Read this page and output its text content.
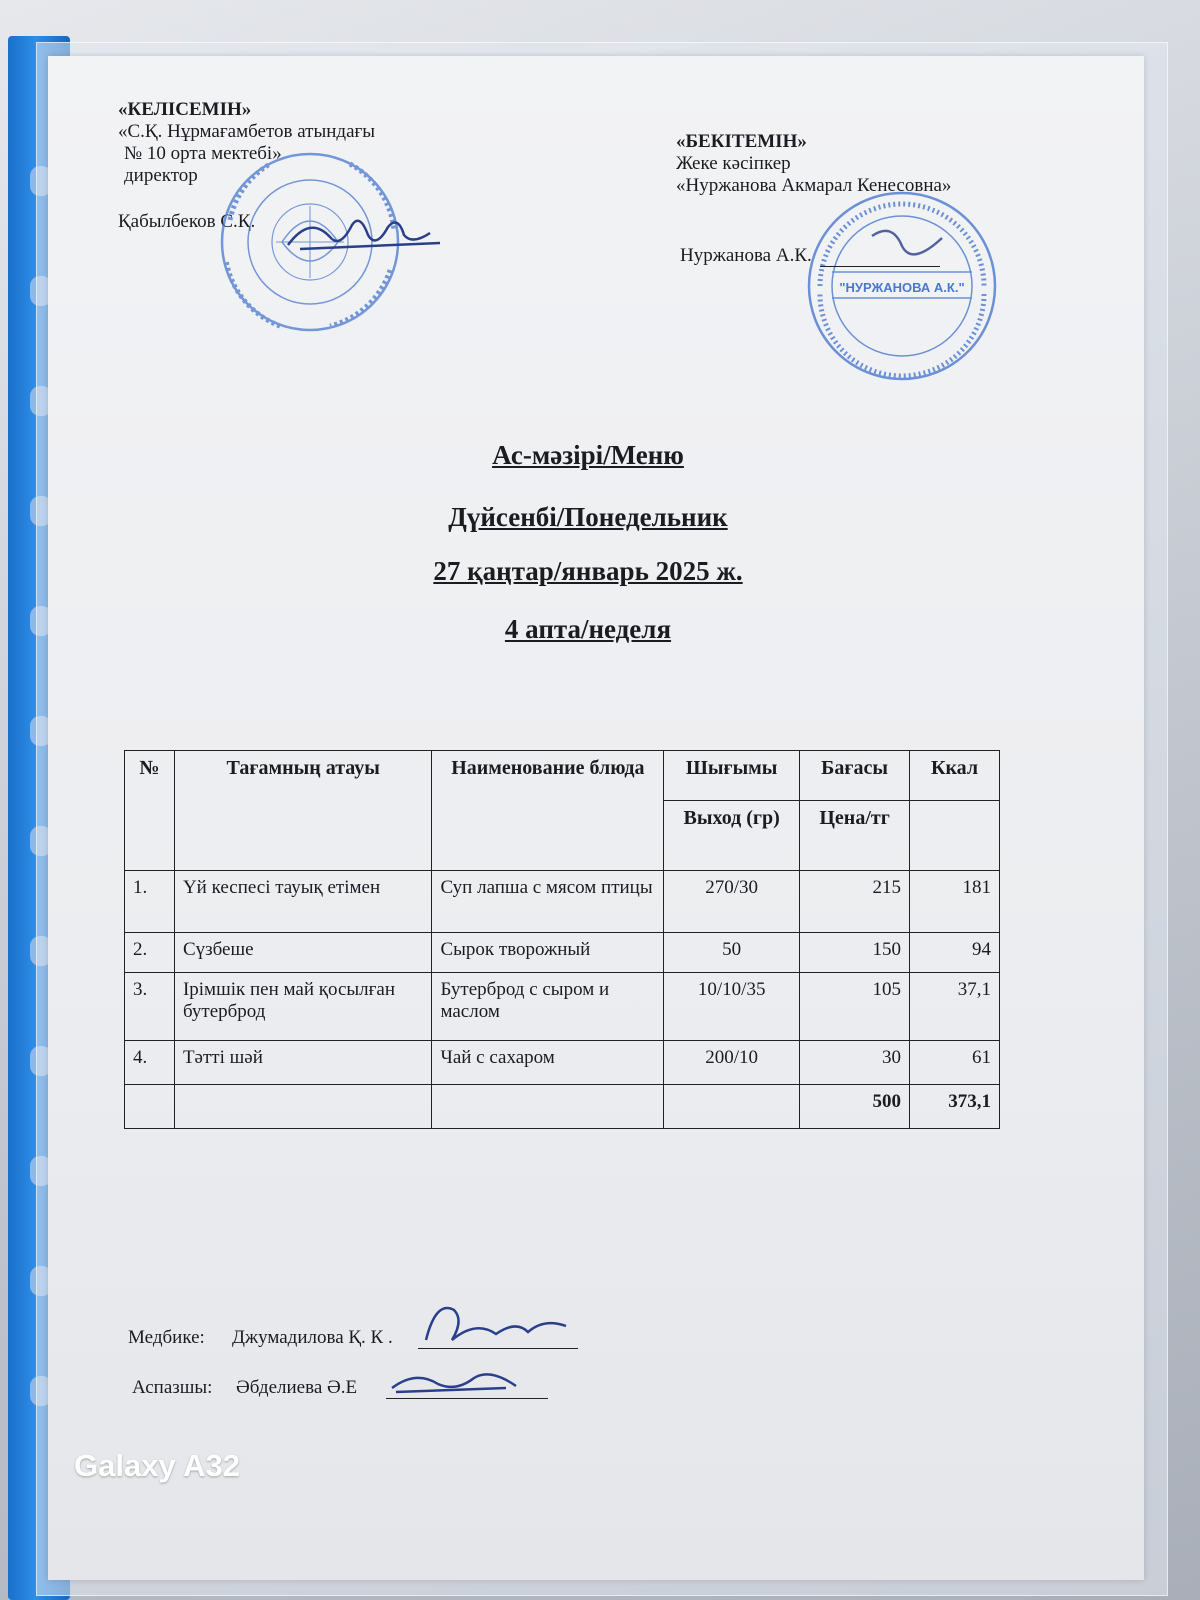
«КЕЛІСЕМІН»
«С.Қ. Нұрмағамбетов атындағы
№ 10 орта мектебі»
директор
Қабылбеков С.Қ.
«БЕКІТЕМІН»
Жеке кәсіпкер
«Нуржанова Акмарал Кенесовна»
Нуржанова А.К.
"НУРЖАНОВА А.К."
Ас-мәзірі/Меню
Дүйсенбі/Понедельник
27 қаңтар/январь 2025 ж.
4 апта/неделя
№	Тағамның атауы	Наименование блюда	Шығымы	Бағасы	Ккал
			Выход (гр)	Цена/тг	
1.	Үй кеспесі тауық етімен	Суп лапша с мясом птицы	270/30	215	181
2.	Сүзбеше	Сырок творожный	50	150	94
3.	Ірімшік пен май қосылған бутерброд	Бутерброд с сыром и маслом	10/10/35	105	37,1
4.	Тәтті шәй	Чай с сахаром	200/10	30	61
				500	373,1
Медбике: Джумадилова Қ. К .
Аспазшы: Әбделиева Ә.Е
Galaxy A32
